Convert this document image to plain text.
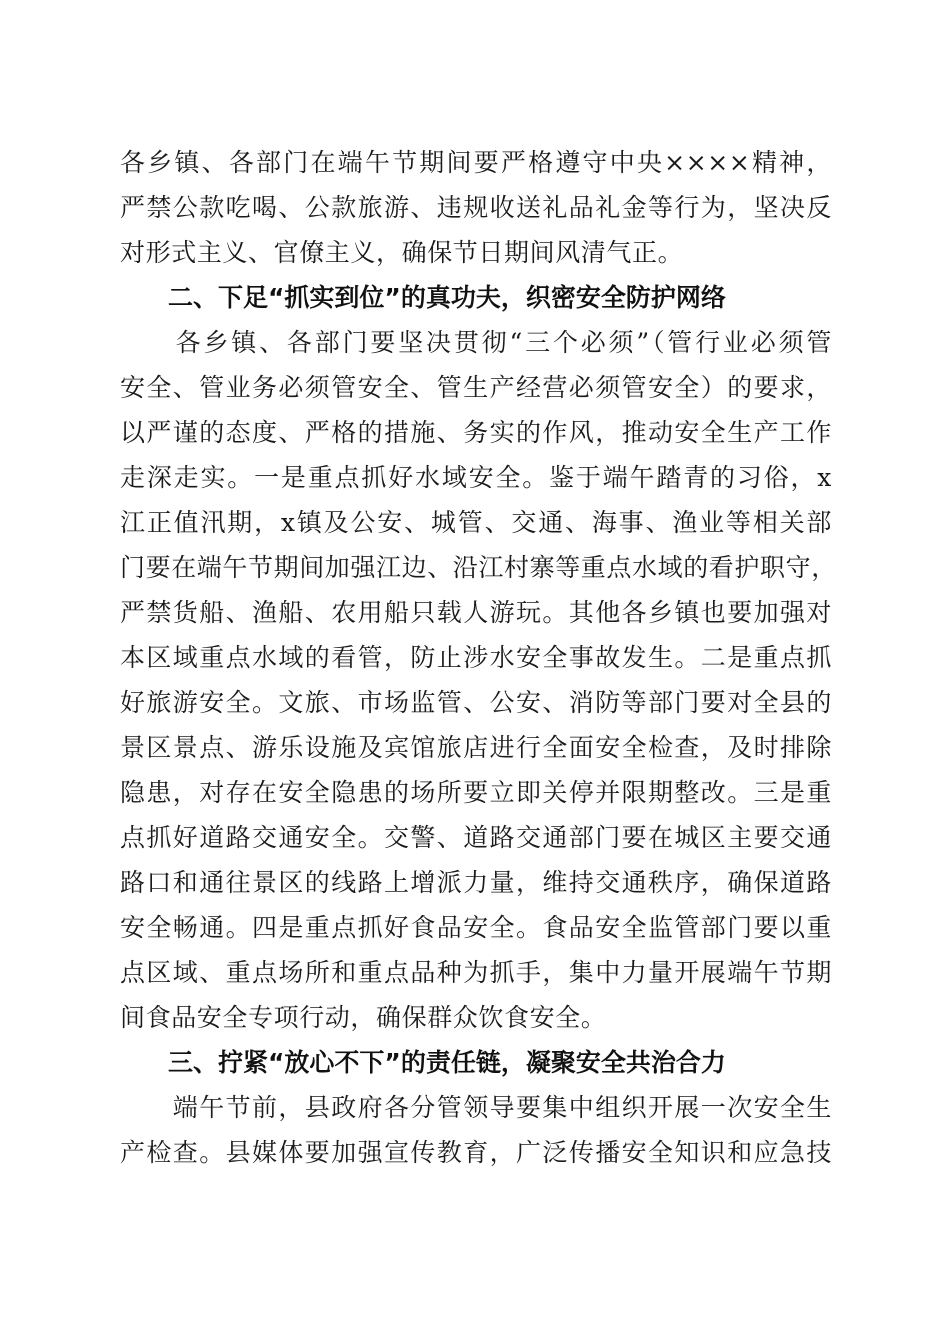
各乡镇、各部门在端午节期间要严格遵守中央××××精神，
严禁公款吃喝、公款旅游、违规收送礼品礼金等行为，坚决反
对形式主义、官僚主义，确保节日期间风清气正。
二、下足“抓实到位”的真功夫，织密安全防护网络
　　各乡镇、各部门要坚决贯彻“三个必须”（管行业必须管
安全、管业务必须管安全、管生产经营必须管安全）的要求，
以严谨的态度、严格的措施、务实的作风，推动安全生产工作
走深走实。一是重点抓好水域安全。鉴于端午踏青的习俗，x
江正值汛期，x镇及公安、城管、交通、海事、渔业等相关部
门要在端午节期间加强江边、沿江村寨等重点水域的看护职守，
严禁货船、渔船、农用船只载人游玩。其他各乡镇也要加强对
本区域重点水域的看管，防止涉水安全事故发生。二是重点抓
好旅游安全。文旅、市场监管、公安、消防等部门要对全县的
景区景点、游乐设施及宾馆旅店进行全面安全检查，及时排除
隐患，对存在安全隐患的场所要立即关停并限期整改。三是重
点抓好道路交通安全。交警、道路交通部门要在城区主要交通
路口和通往景区的线路上增派力量，维持交通秩序，确保道路
安全畅通。四是重点抓好食品安全。食品安全监管部门要以重
点区域、重点场所和重点品种为抓手，集中力量开展端午节期
间食品安全专项行动，确保群众饮食安全。
三、拧紧“放心不下”的责任链，凝聚安全共治合力
　　端午节前，县政府各分管领导要集中组织开展一次安全生
产检查。县媒体要加强宣传教育，广泛传播安全知识和应急技
